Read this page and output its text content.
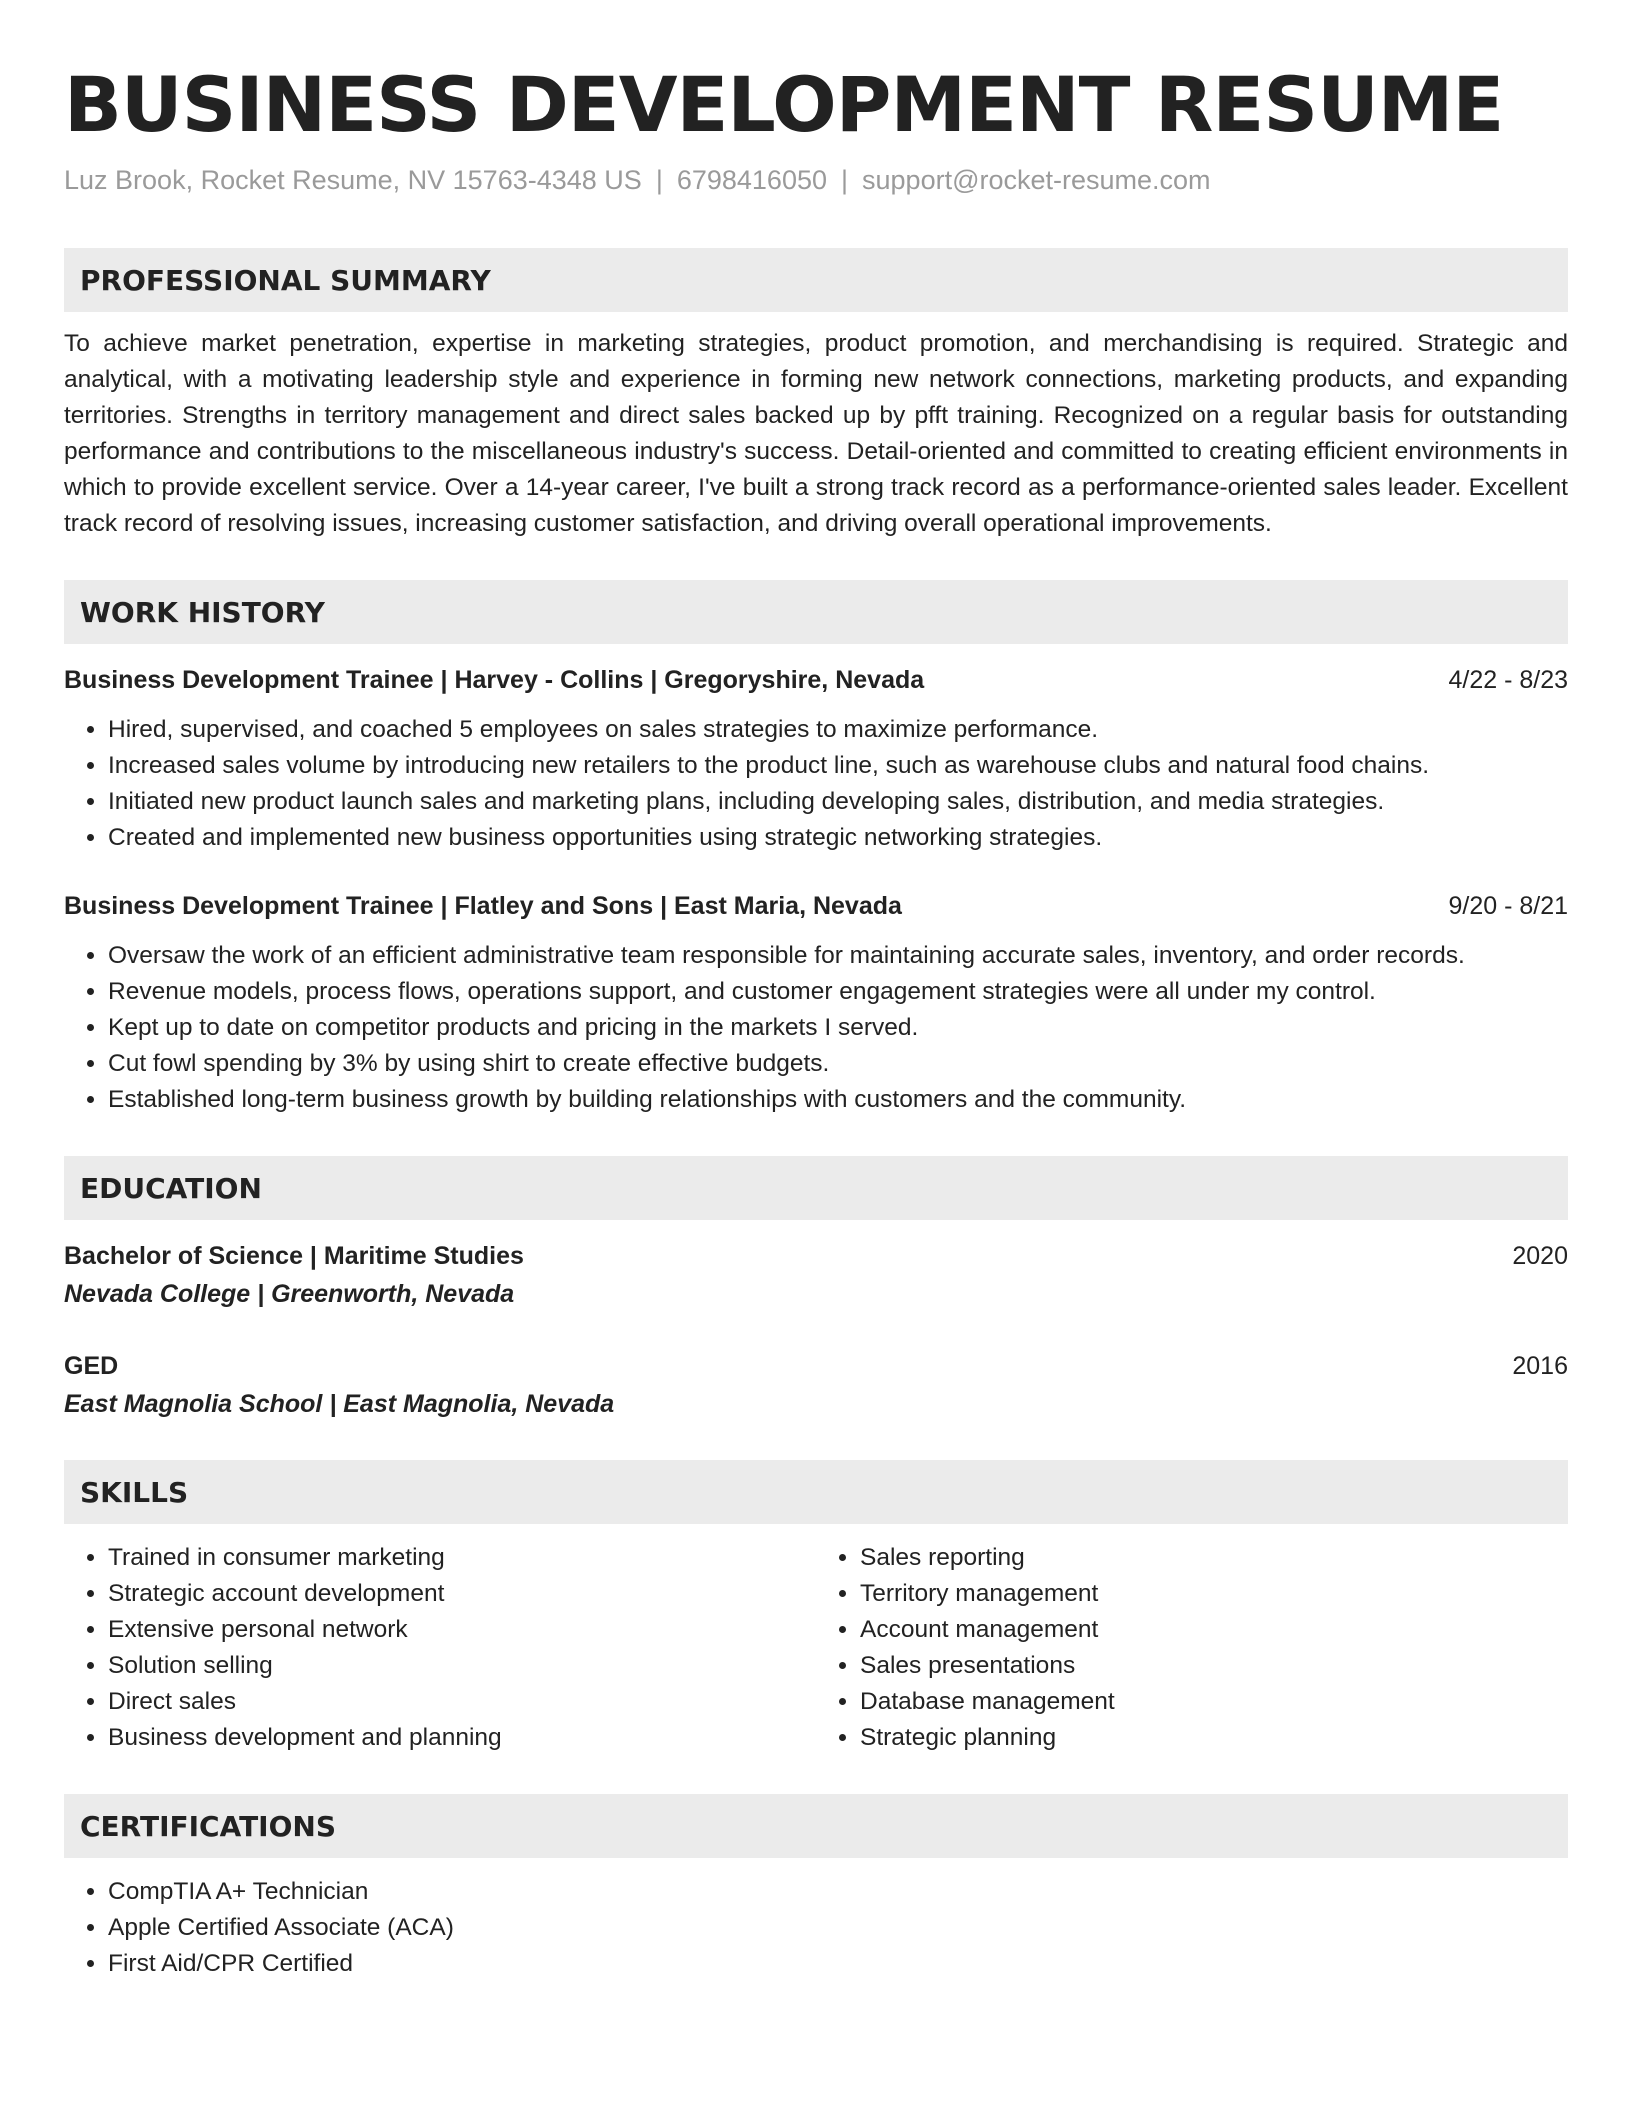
BUSINESS DEVELOPMENT RESUME
Luz Brook, Rocket Resume, NV 15763-4348 US | 6798416050 | support@rocket-resume.com
PROFESSIONAL SUMMARY
To achieve market penetration, expertise in marketing strategies, product promotion, and merchandising is required. Strategic and analytical, with a motivating leadership style and experience in forming new network connections, marketing products, and expanding territories. Strengths in territory management and direct sales backed up by pfft training. Recognized on a regular basis for outstanding performance and contributions to the miscellaneous industry's success. Detail-oriented and committed to creating efficient environments in which to provide excellent service. Over a 14-year career, I've built a strong track record as a performance-oriented sales leader. Excellent track record of resolving issues, increasing customer satisfaction, and driving overall operational improvements.
WORK HISTORY
Business Development Trainee | Harvey - Collins | Gregoryshire, Nevada	4/22 - 8/23
• Hired, supervised, and coached 5 employees on sales strategies to maximize performance.
• Increased sales volume by introducing new retailers to the product line, such as warehouse clubs and natural food chains.
• Initiated new product launch sales and marketing plans, including developing sales, distribution, and media strategies.
• Created and implemented new business opportunities using strategic networking strategies.
Business Development Trainee | Flatley and Sons | East Maria, Nevada	9/20 - 8/21
• Oversaw the work of an efficient administrative team responsible for maintaining accurate sales, inventory, and order records.
• Revenue models, process flows, operations support, and customer engagement strategies were all under my control.
• Kept up to date on competitor products and pricing in the markets I served.
• Cut fowl spending by 3% by using shirt to create effective budgets.
• Established long-term business growth by building relationships with customers and the community.
EDUCATION
Bachelor of Science | Maritime Studies	2020
Nevada College | Greenworth, Nevada
GED	2016
East Magnolia School | East Magnolia, Nevada
SKILLS
• Trained in consumer marketing
• Strategic account development
• Extensive personal network
• Solution selling
• Direct sales
• Business development and planning
• Sales reporting
• Territory management
• Account management
• Sales presentations
• Database management
• Strategic planning
CERTIFICATIONS
• CompTIA A+ Technician
• Apple Certified Associate (ACA)
• First Aid/CPR Certified
